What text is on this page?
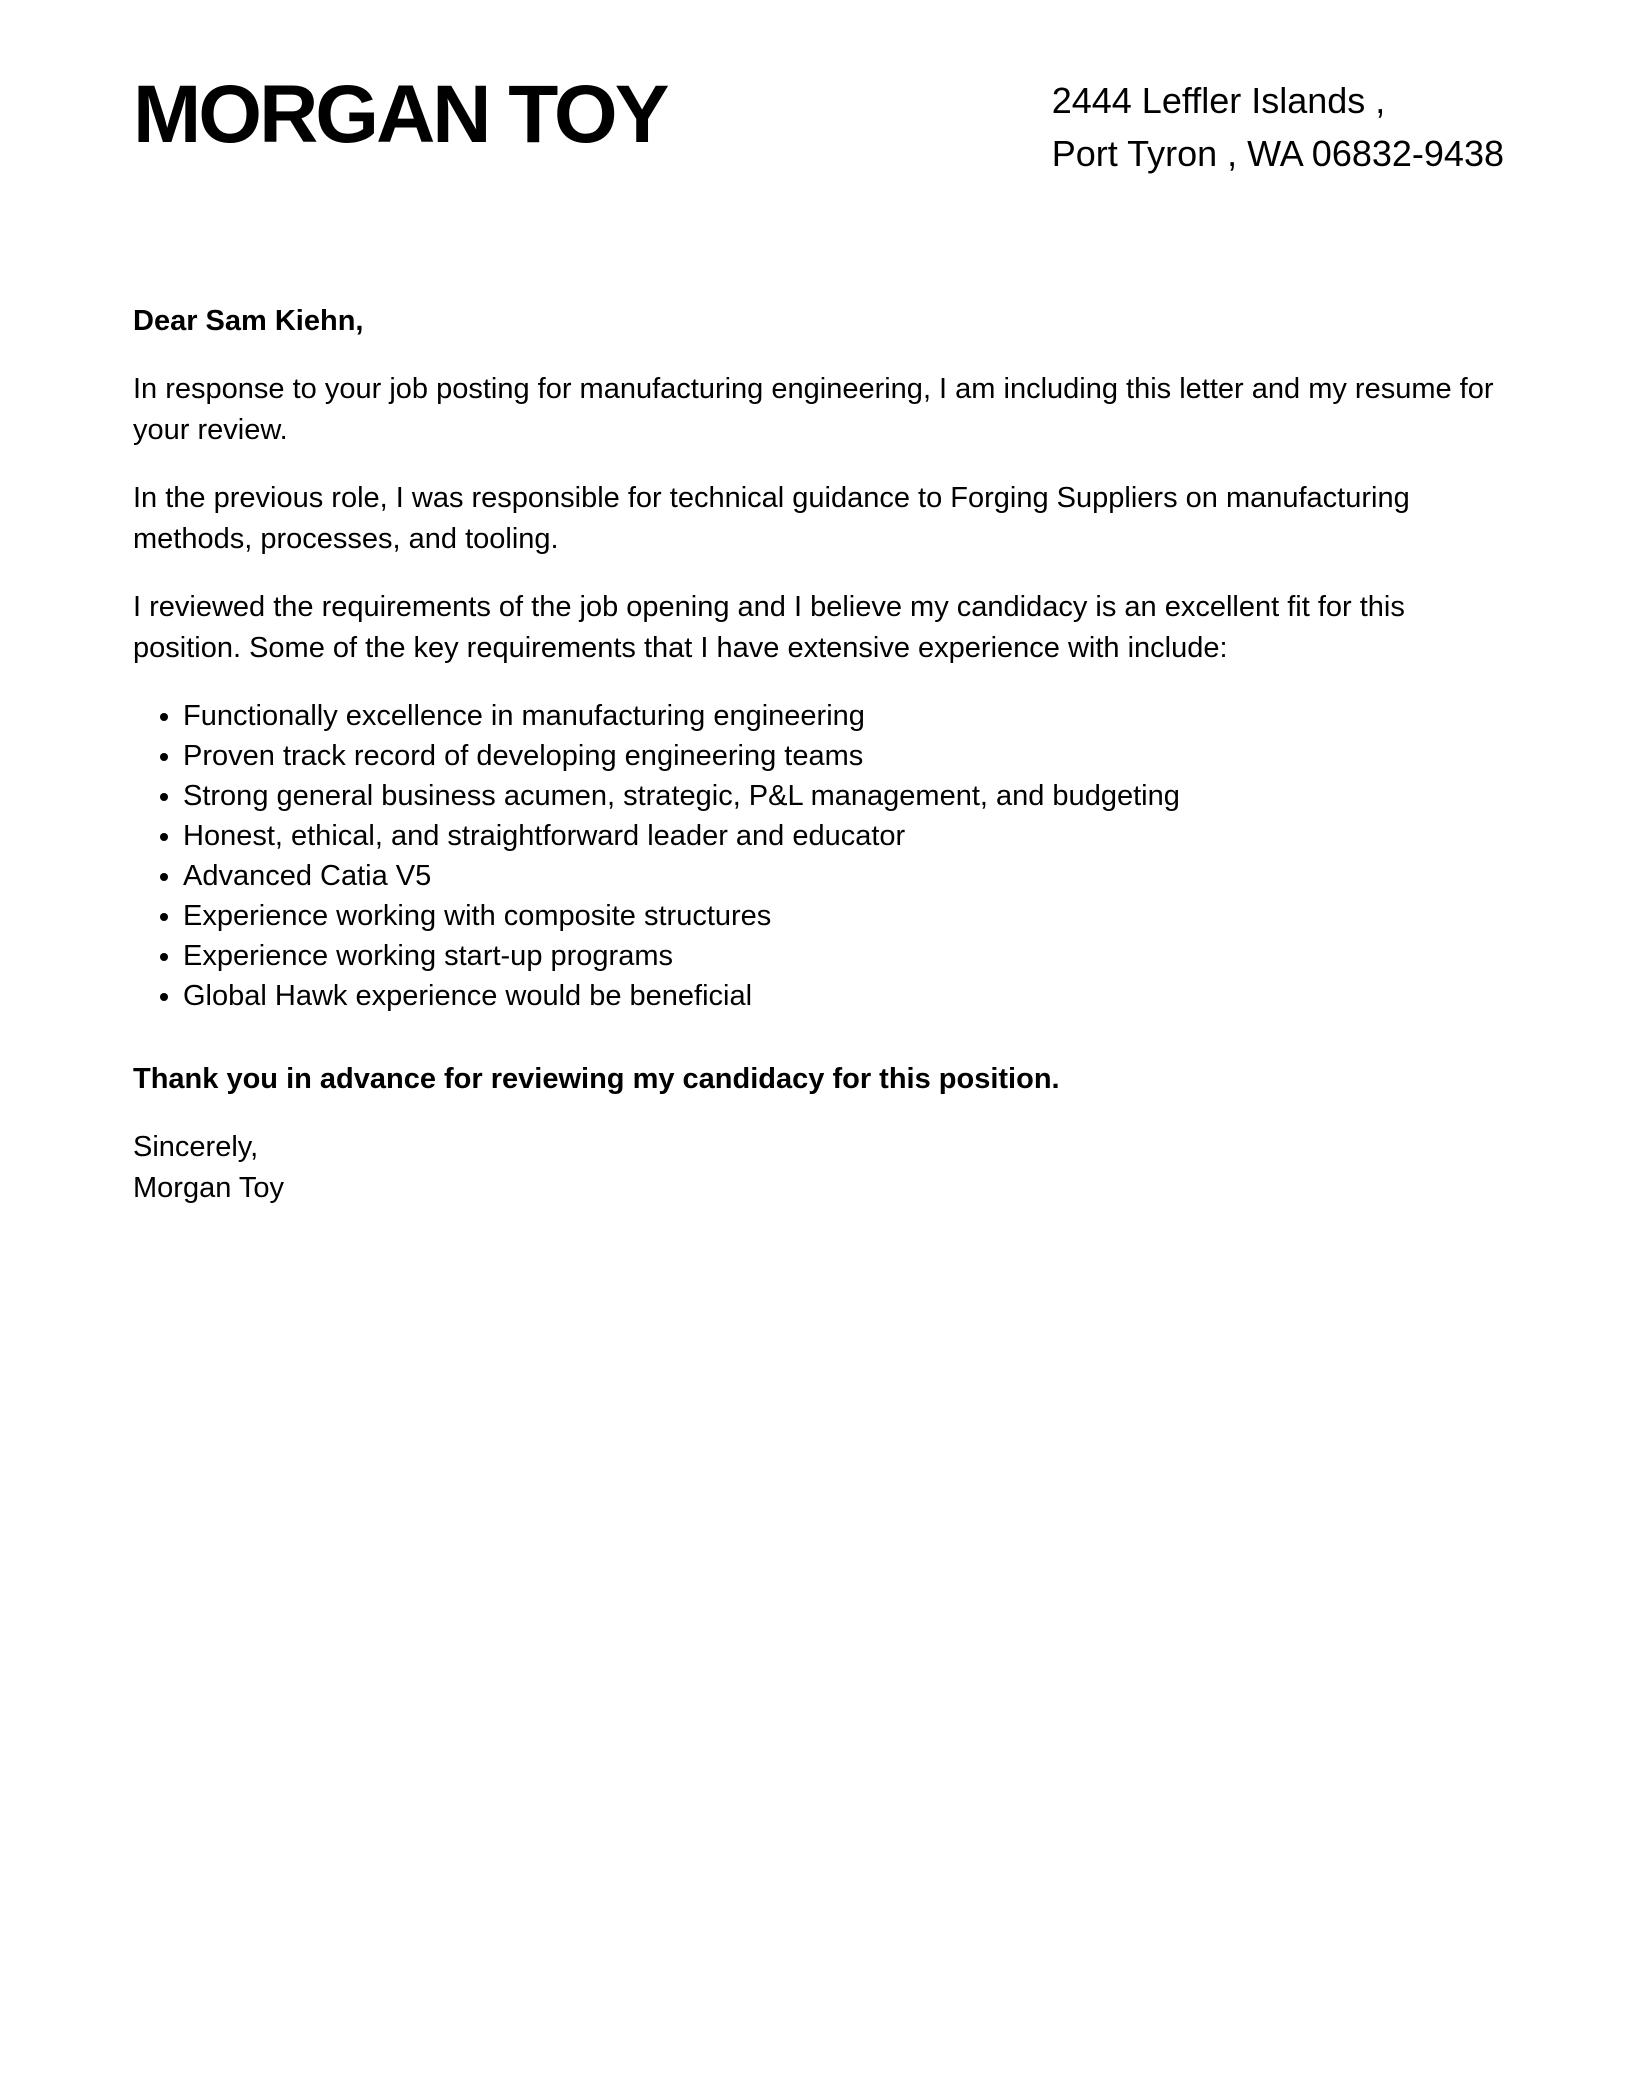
MORGAN TOY	2444 Leffler Islands ,
Port Tyron , WA 06832-9438

Dear Sam Kiehn,

In response to your job posting for manufacturing engineering, I am including this letter and my resume for your review.

In the previous role, I was responsible for technical guidance to Forging Suppliers on manufacturing methods, processes, and tooling.

I reviewed the requirements of the job opening and I believe my candidacy is an excellent fit for this position. Some of the key requirements that I have extensive experience with include:

• Functionally excellence in manufacturing engineering
• Proven track record of developing engineering teams
• Strong general business acumen, strategic, P&L management, and budgeting
• Honest, ethical, and straightforward leader and educator
• Advanced Catia V5
• Experience working with composite structures
• Experience working start-up programs
• Global Hawk experience would be beneficial

Thank you in advance for reviewing my candidacy for this position.

Sincerely,

Morgan Toy
